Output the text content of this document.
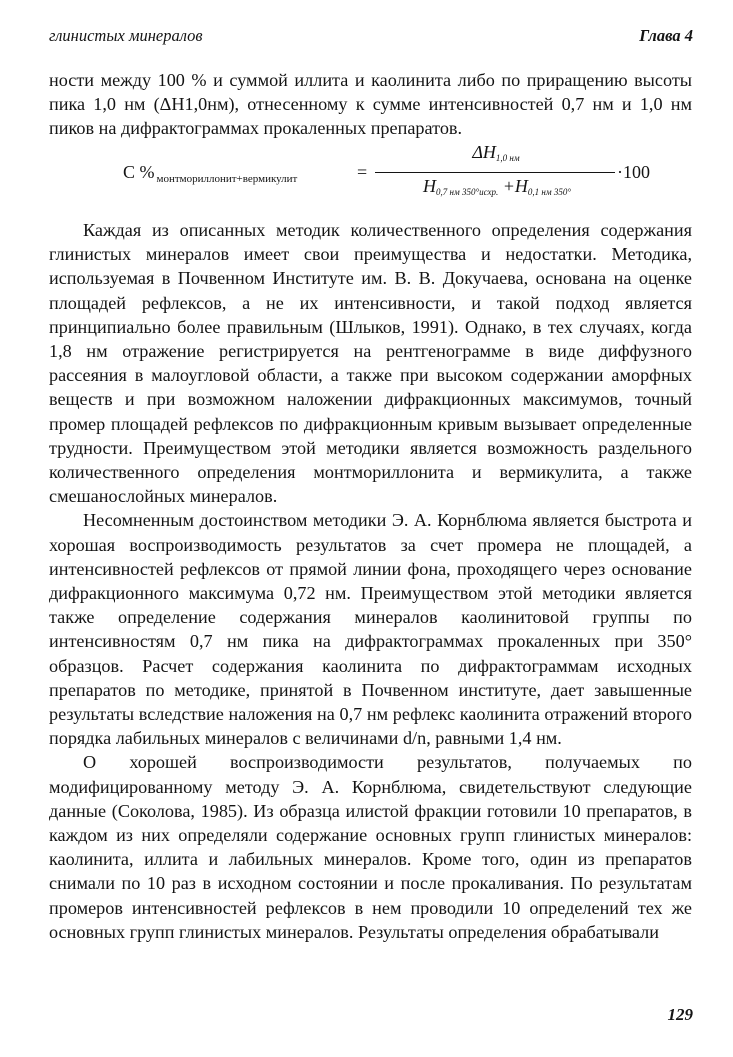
глинистых минералов	Глава 4

ности между 100 % и суммой иллита и каолинита либо по приращению высоты пика 1,0 нм (ΔH1,0нм), отнесенному к сумме интенсивностей 0,7 нм и 1,0 нм пиков на дифрактограммах прокаленных препаратов.

C % $_{монтмориллонит+вермикулит}$	=
$\Delta H_{1,0 нм}$
$H_{0,7 нм 350^\circ исхр.} +H_{0,1 нм 350^\circ}$
·100

Каждая из описанных методик количественного определения содержания глинистых минералов имеет свои преимущества и недостатки. Методика, используемая в Почвенном Институте им. В. В. Докучаева, основана на оценке площадей рефлексов, а не их интенсивности, и такой подход является принципиально более правильным (Шлыков, 1991). Однако, в тех случаях, когда 1,8 нм отражение регистрируется на рентгенограмме в виде диффузного рассеяния в малоугловой области, а также при высоком содержании аморфных веществ и при возможном наложении дифракционных максимумов, точный промер площадей рефлексов по дифракционным кривым вызывает определенные трудности. Преимуществом этой методики является возможность раздельного количественного определения монтмориллонита и вермикулита, а также смешанослойных минералов.

Несомненным достоинством методики Э. А. Корнблюма является быстрота и хорошая воспроизводимость результатов за счет промера не площадей, а интенсивностей рефлексов от прямой линии фона, проходящего через основание дифракционного максимума 0,72 нм. Преимуществом этой методики является также определение содержания минералов каолинитовой группы по интенсивностям 0,7 нм пика на дифрактограммах прокаленных при 350° образцов. Расчет содержания каолинита по дифрактограммам исходных препаратов по методике, принятой в Почвенном институте, дает завышенные результаты вследствие наложения на 0,7 нм рефлекс каолинита отражений второго порядка лабильных минералов с величинами d/n, равными 1,4 нм.

О хорошей воспроизводимости результатов, получаемых по модифицированному методу Э. А. Корнблюма, свидетельствуют следующие данные (Соколова, 1985). Из образца илистой фракции готовили 10 препаратов, в каждом из них определяли содержание основных групп глинистых минералов: каолинита, иллита и лабильных минералов. Кроме того, один из препаратов снимали по 10 раз в исходном состоянии и после прокаливания. По результатам промеров интенсивностей рефлексов в нем проводили 10 определений тех же основных групп глинистых минералов. Результаты определения обрабатывали

129
